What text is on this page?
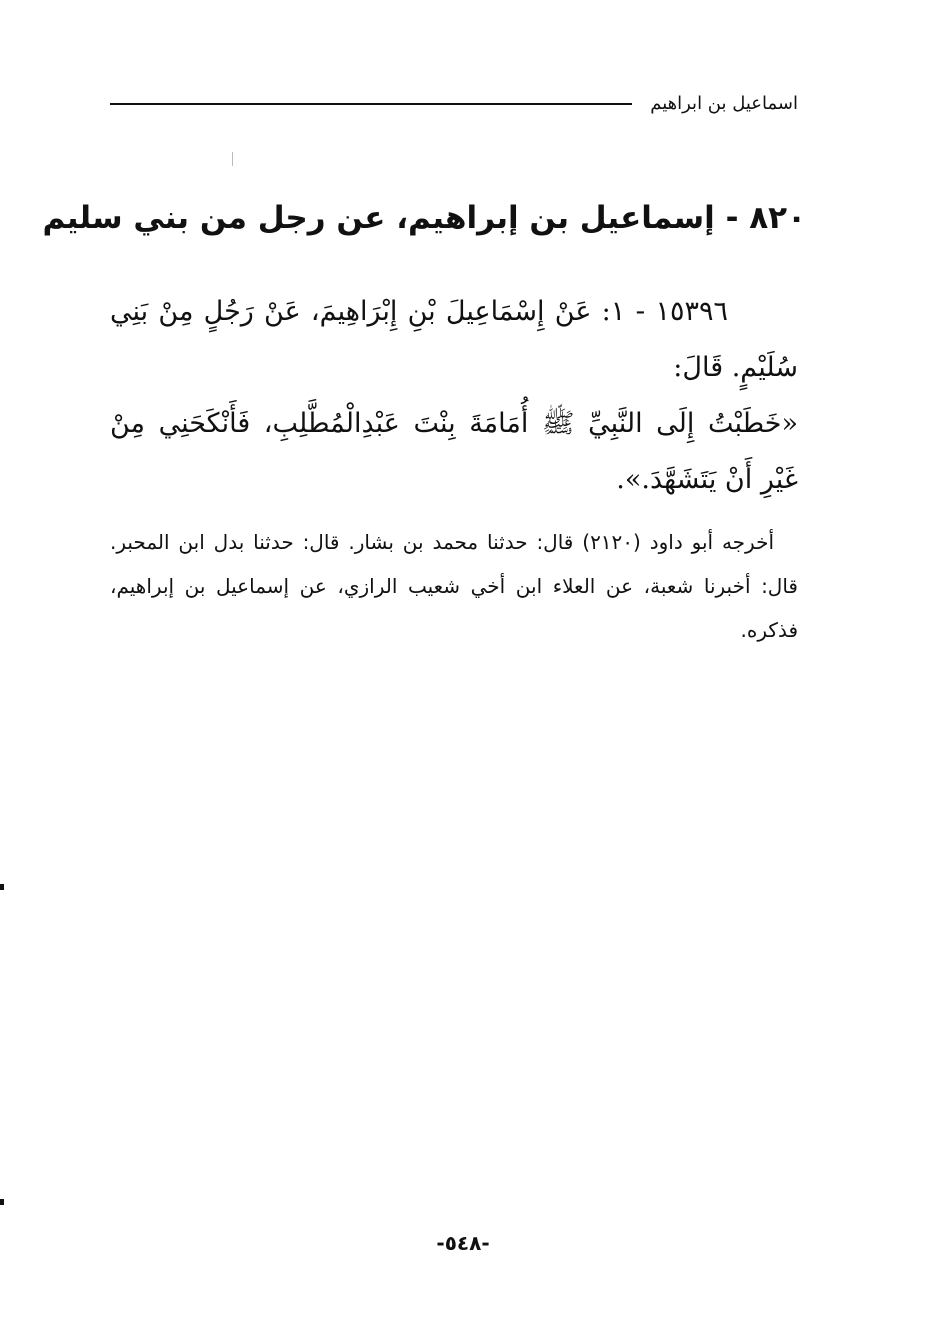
اسماعيل بن ابراهيم
٨٢٠ - إسماعيل بن إبراهيم، عن رجل من بني سليم

١٥٣٩٦ - ١: عَنْ إِسْمَاعِيلَ بْنِ إِبْرَاهِيمَ، عَنْ رَجُلٍ مِنْ بَنِي سُلَيْمٍ. قَالَ:

«خَطَبْتُ إِلَى النَّبِيِّ ﷺ أُمَامَةَ بِنْتَ عَبْدِالْمُطَّلِبِ، فَأَنْكَحَنِي مِنْ غَيْرِ أَنْ يَتَشَهَّدَ.».

أخرجه أبو داود (٢١٢٠) قال: حدثنا محمد بن بشار. قال: حدثنا بدل ابن المحبر. قال: أخبرنا شعبة، عن العلاء ابن أخي شعيب الرازي، عن إسماعيل بن إبراهيم، فذكره.

-٥٤٨-
